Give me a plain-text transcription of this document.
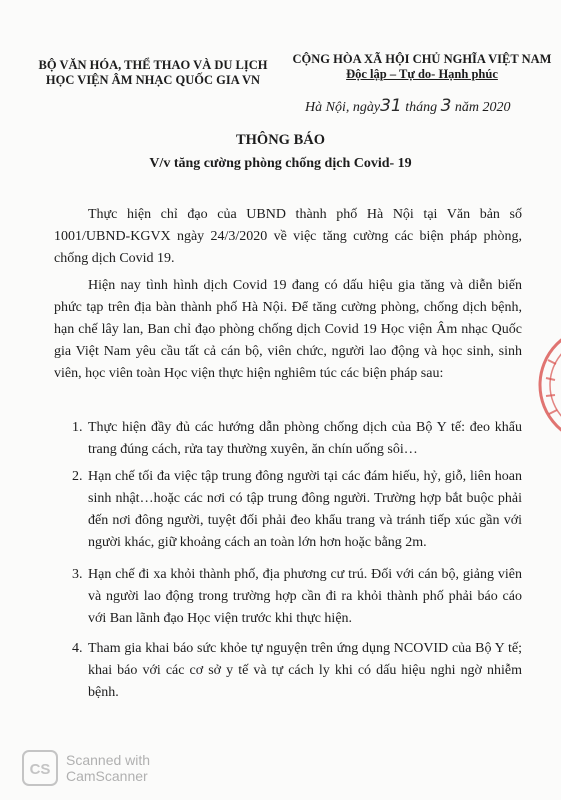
BỘ VĂN HÓA, THỂ THAO VÀ DU LỊCH
HỌC VIỆN ÂM NHẠC QUỐC GIA VN
CỘNG HÒA XÃ HỘI CHỦ NGHĨA VIỆT NAM
Độc lập – Tự do- Hạnh phúc
Hà Nội, ngày31 tháng 3 năm 2020
THÔNG BÁO
V/v tăng cường phòng chống dịch Covid- 19

Thực hiện chỉ đạo của UBND thành phố Hà Nội tại Văn bản số 1001/UBND-KGVX ngày 24/3/2020 về việc tăng cường các biện pháp phòng, chống dịch Covid 19.

Hiện nay tình hình dịch Covid 19 đang có dấu hiệu gia tăng và diễn biến phức tạp trên địa bàn thành phố Hà Nội. Để tăng cường phòng, chống dịch bệnh, hạn chế lây lan, Ban chỉ đạo phòng chống dịch Covid 19 Học viện Âm nhạc Quốc gia Việt Nam yêu cầu tất cả cán bộ, viên chức, người lao động và học sinh, sinh viên, học viên toàn Học viện thực hiện nghiêm túc các biện pháp sau:

1. Thực hiện đầy đủ các hướng dẫn phòng chống dịch của Bộ Y tế: đeo khẩu trang đúng cách, rửa tay thường xuyên, ăn chín uống sôi…
2. Hạn chế tối đa việc tập trung đông người tại các đám hiếu, hỷ, giỗ, liên hoan sinh nhật…hoặc các nơi có tập trung đông người. Trường hợp bắt buộc phải đến nơi đông người, tuyệt đối phải đeo khẩu trang và tránh tiếp xúc gần với người khác, giữ khoảng cách an toàn lớn hơn hoặc bằng 2m.
3. Hạn chế đi xa khỏi thành phố, địa phương cư trú. Đối với cán bộ, giảng viên và người lao động trong trường hợp cần đi ra khỏi thành phố phải báo cáo với Ban lãnh đạo Học viện trước khi thực hiện.
4. Tham gia khai báo sức khỏe tự nguyện trên ứng dụng NCOVID của Bộ Y tế; khai báo với các cơ sở y tế và tự cách ly khi có dấu hiệu nghi ngờ nhiễm bệnh.
CS
Scanned with
CamScanner
